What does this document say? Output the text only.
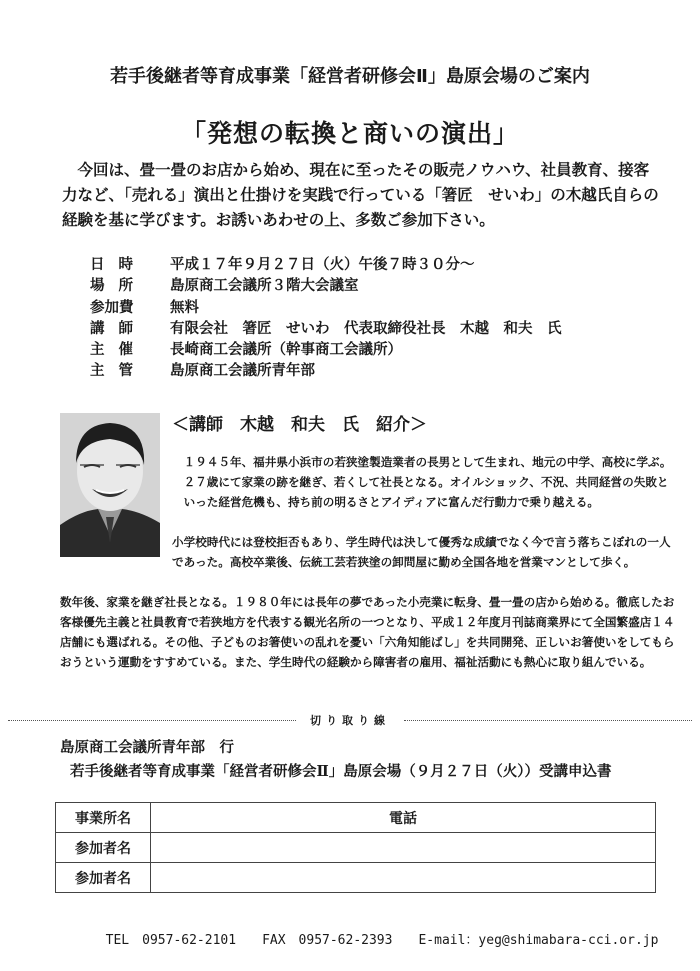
若手後継者等育成事業「経営者研修会Ⅱ」島原会場のご案内
「発想の転換と商いの演出」

今回は、畳一畳のお店から始め、現在に至ったその販売ノウハウ、社員教育、接客力など、「売れる」演出と仕掛けを実践で行っている「箸匠　せいわ」の木越氏自らの経験を基に学びます。お誘いあわせの上、多数ご参加下さい。

日時	平成１７年９月２７日（火）午後７時３０分～
場所	島原商工会議所３階大会議室
参加費	無料
講師	有限会社　箸匠　せいわ　代表取締役社長　木越　和夫　氏
主催	長崎商工会議所（幹事商工会議所）
主管	島原商工会議所青年部
＜講師　木越　和夫　氏　紹介＞

１９４５年、福井県小浜市の若狭塗製造業者の長男として生まれ、地元の中学、高校に学ぶ。２７歳にて家業の跡を継ぎ、若くして社長となる。オイルショック、不況、共同経営の失敗といった経営危機も、持ち前の明るさとアイディアに富んだ行動力で乗り越える。

小学校時代には登校拒否もあり、学生時代は決して優秀な成績でなく今で言う落ちこぼれの一人であった。高校卒業後、伝統工芸若狭塗の卸問屋に勤め全国各地を営業マンとして歩く。

数年後、家業を継ぎ社長となる。１９８０年には長年の夢であった小売業に転身、畳一畳の店から始める。徹底したお客様優先主義と社員教育で若狭地方を代表する観光名所の一つとなり、平成１２年度月刊誌商業界にて全国繁盛店１４店舗にも選ばれる。その他、子どものお箸使いの乱れを憂い「六角知能ばし」を共同開発、正しいお箸使いをしてもらおうという運動をすすめている。また、学生時代の経験から障害者の雇用、福祉活動にも熱心に取り組んでいる。

切り取り線
島原商工会議所青年部　行
若手後継者等育成事業「経営者研修会Ⅱ」島原会場（９月２７日（火））受講申込書
事業所名	電話
参加者名	
参加者名	

TEL　0957-62-2101 FAX　0957-62-2393 E-mail：yeg@shimabara-cci.or.jp
